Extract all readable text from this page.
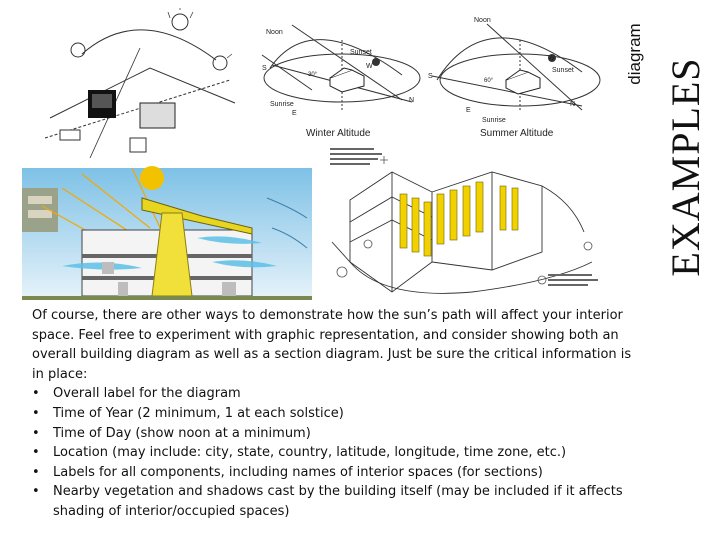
EXAMPLES
diagram
Noon
Sunset
Sunrise
S
N
E
W
30°
Noon
Sunset
Sunrise
S
N
E
W
60°
Winter Altitude	Summer Altitude

Of course, there are other ways to demonstrate how the sun’s path will affect your interior space. Feel free to experiment with graphic representation, and consider showing both an overall building diagram as well as a section diagram. Just be sure the critical information is in place:

• Overall label for the diagram
• Time of Year (2 minimum, 1 at each solstice)
• Time of Day (show noon at a minimum)
• Location (may include: city, state, country, latitude, longitude, time zone, etc.)
• Labels for all components, including names of interior spaces (for sections)
• Nearby vegetation and shadows cast by the building itself (may be included if it affects shading of interior/occupied spaces)
